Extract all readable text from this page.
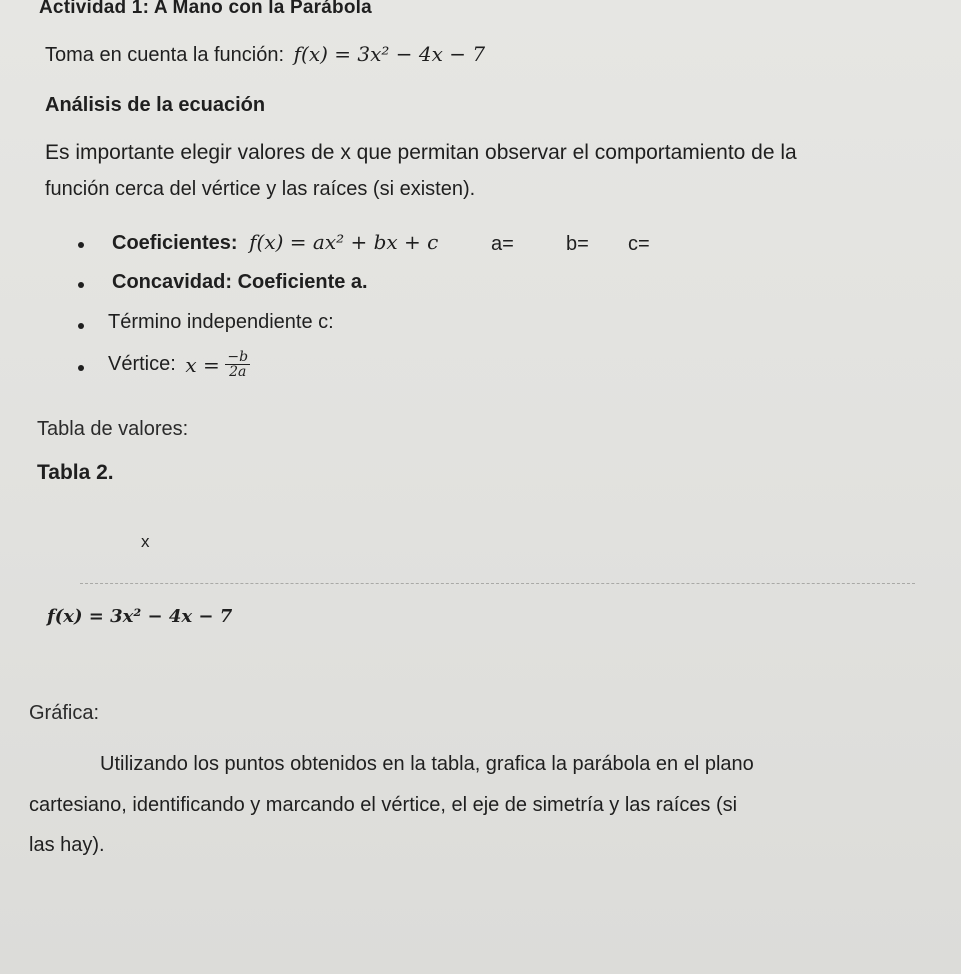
Actividad 1: A Mano con la Parábola
Toma en cuenta la función: f(x) = 3x² − 4x − 7
Análisis de la ecuación
Es importante elegir valores de x que permitan observar el comportamiento de la
función cerca del vértice y las raíces (si existen).
Coeficientes: f(x) = ax² + bx + c	a=	b= c=
Concavidad: Coeficiente a.
Término independiente c:
Vértice: $x = \frac{-b}{2a}$
Tabla de valores:
Tabla 2.
x
f(x) = 3x² − 4x − 7
Gráfica:
Utilizando los puntos obtenidos en la tabla, grafica la parábola en el plano
cartesiano, identificando y marcando el vértice, el eje de simetría y las raíces (si
las hay).
